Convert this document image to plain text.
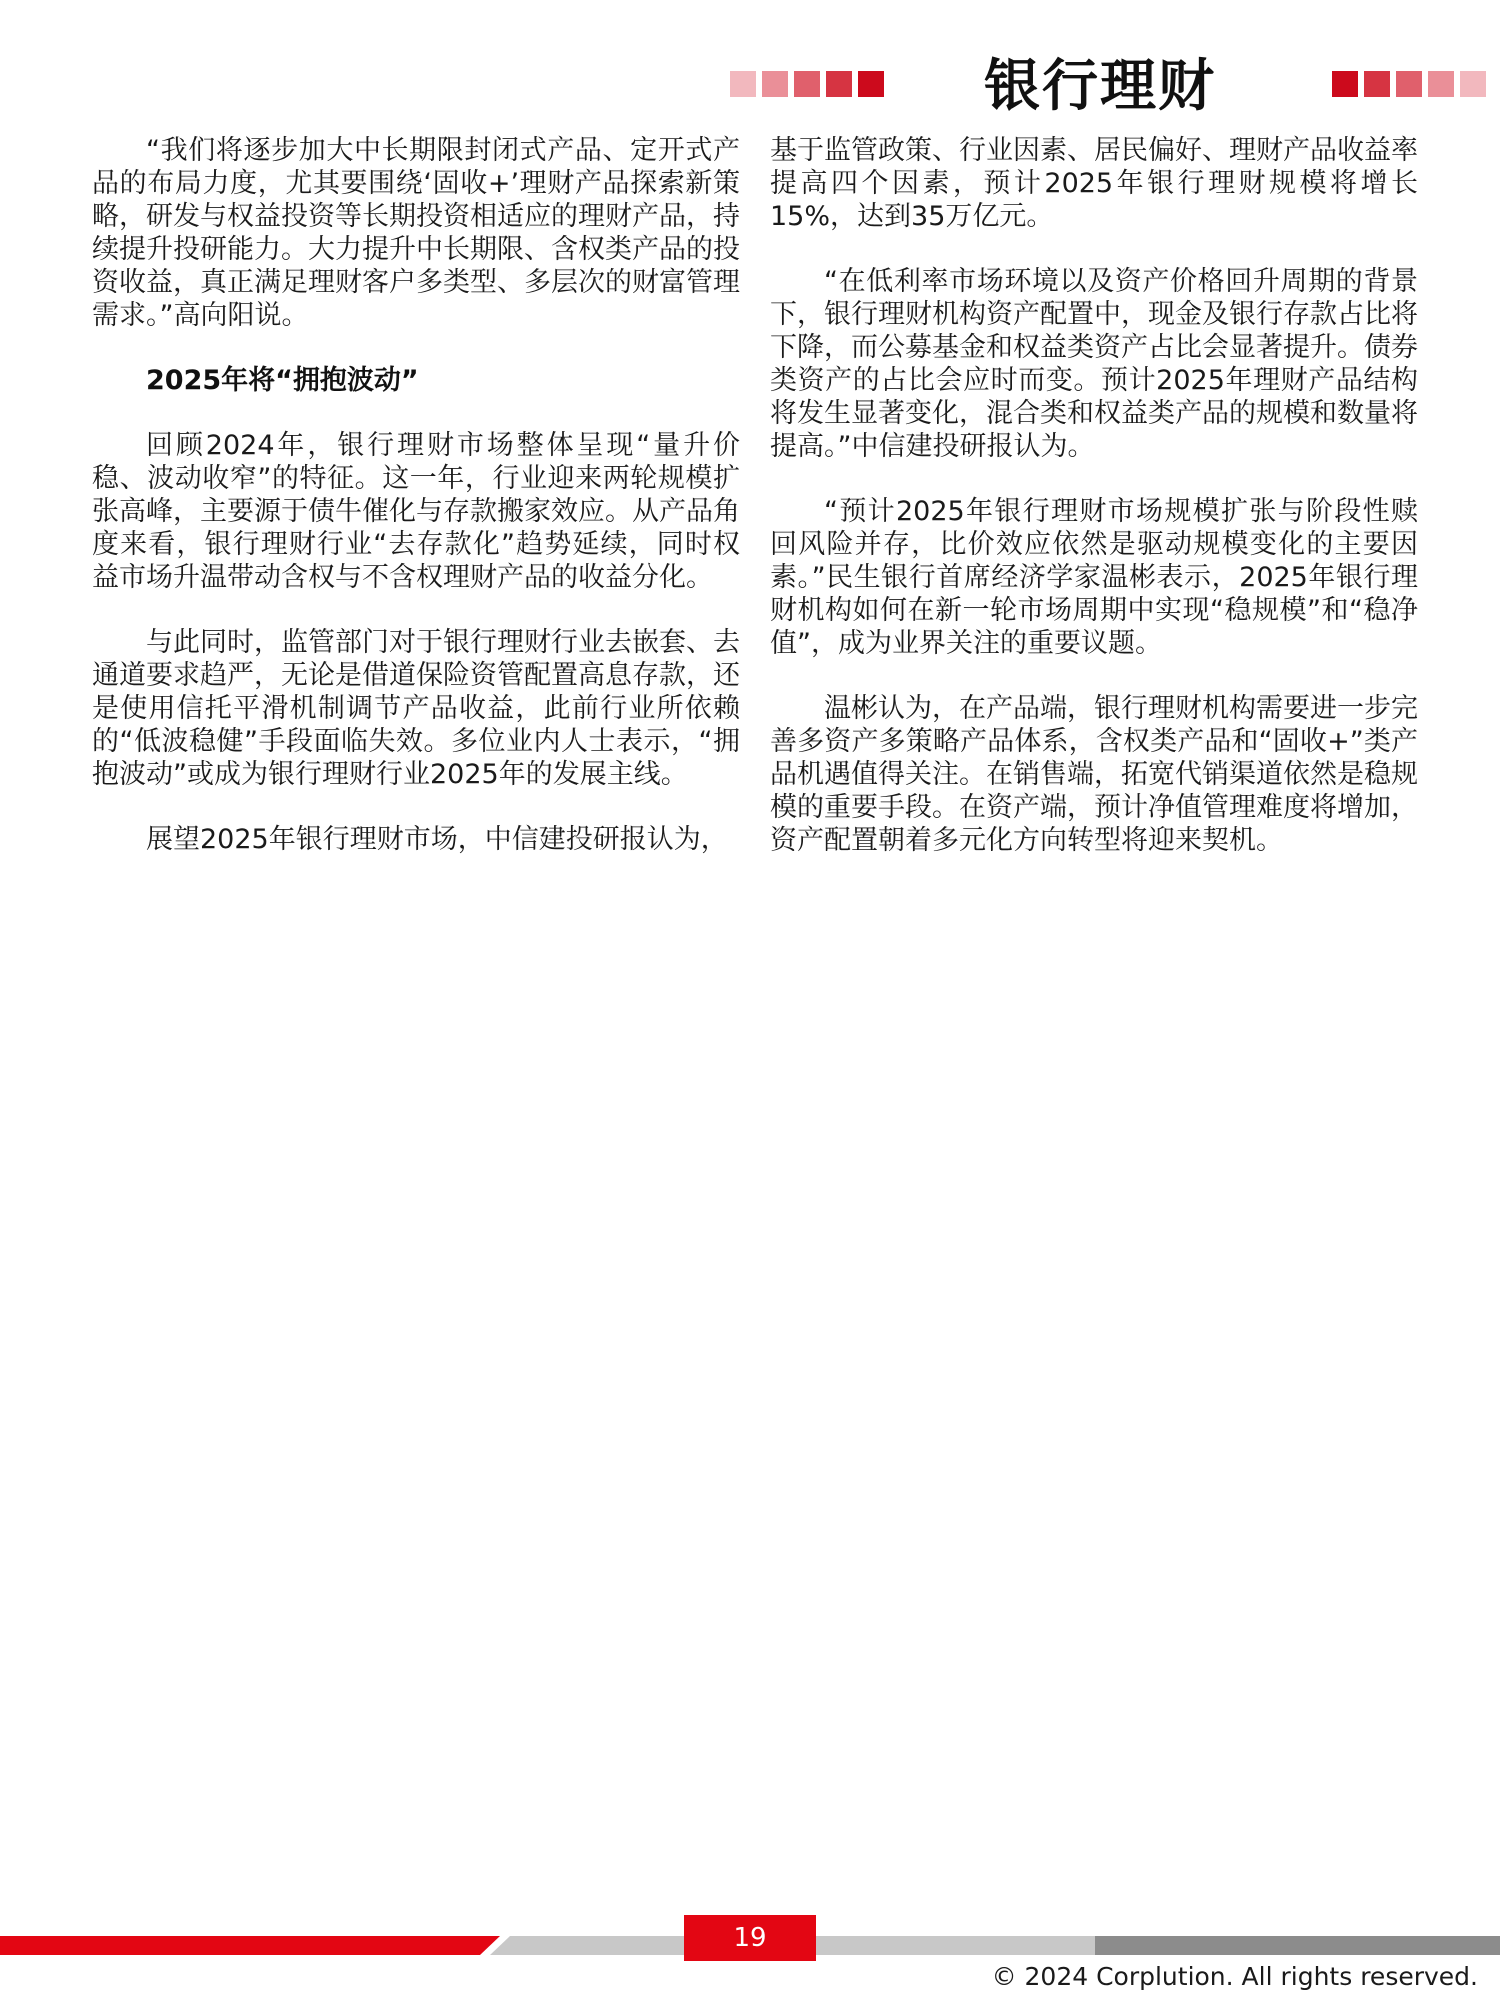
银行理财

“我们将逐步加大中长期限封闭式产品、定开式产品的布局力度，尤其要围绕‘固收+’理财产品探索新策略，研发与权益投资等长期投资相适应的理财产品，持续提升投研能力。大力提升中长期限、含权类产品的投资收益，真正满足理财客户多类型、多层次的财富管理需求。”高向阳说。

2025年将“拥抱波动”

回顾2024年，银行理财市场整体呈现“量升价稳、波动收窄”的特征。这一年，行业迎来两轮规模扩张高峰，主要源于债牛催化与存款搬家效应。从产品角度来看，银行理财行业“去存款化”趋势延续，同时权益市场升温带动含权与不含权理财产品的收益分化。

与此同时，监管部门对于银行理财行业去嵌套、去通道要求趋严，无论是借道保险资管配置高息存款，还是使用信托平滑机制调节产品收益，此前行业所依赖的“低波稳健”手段面临失效。多位业内人士表示，“拥抱波动”或成为银行理财行业2025年的发展主线。

展望2025年银行理财市场，中信建投研报认为，

基于监管政策、行业因素、居民偏好、理财产品收益率提高四个因素，预计2025年银行理财规模将增长15%，达到35万亿元。

“在低利率市场环境以及资产价格回升周期的背景下，银行理财机构资产配置中，现金及银行存款占比将下降，而公募基金和权益类资产占比会显著提升。债券类资产的占比会应时而变。预计2025年理财产品结构将发生显著变化，混合类和权益类产品的规模和数量将提高。”中信建投研报认为。

“预计2025年银行理财市场规模扩张与阶段性赎回风险并存，比价效应依然是驱动规模变化的主要因素。”民生银行首席经济学家温彬表示，2025年银行理财机构如何在新一轮市场周期中实现“稳规模”和“稳净值”，成为业界关注的重要议题。

温彬认为，在产品端，银行理财机构需要进一步完善多资产多策略产品体系，含权类产品和“固收+”类产品机遇值得关注。在销售端，拓宽代销渠道依然是稳规模的重要手段。在资产端，预计净值管理难度将增加，资产配置朝着多元化方向转型将迎来契机。

19
© 2024 Corplution. All rights reserved.
